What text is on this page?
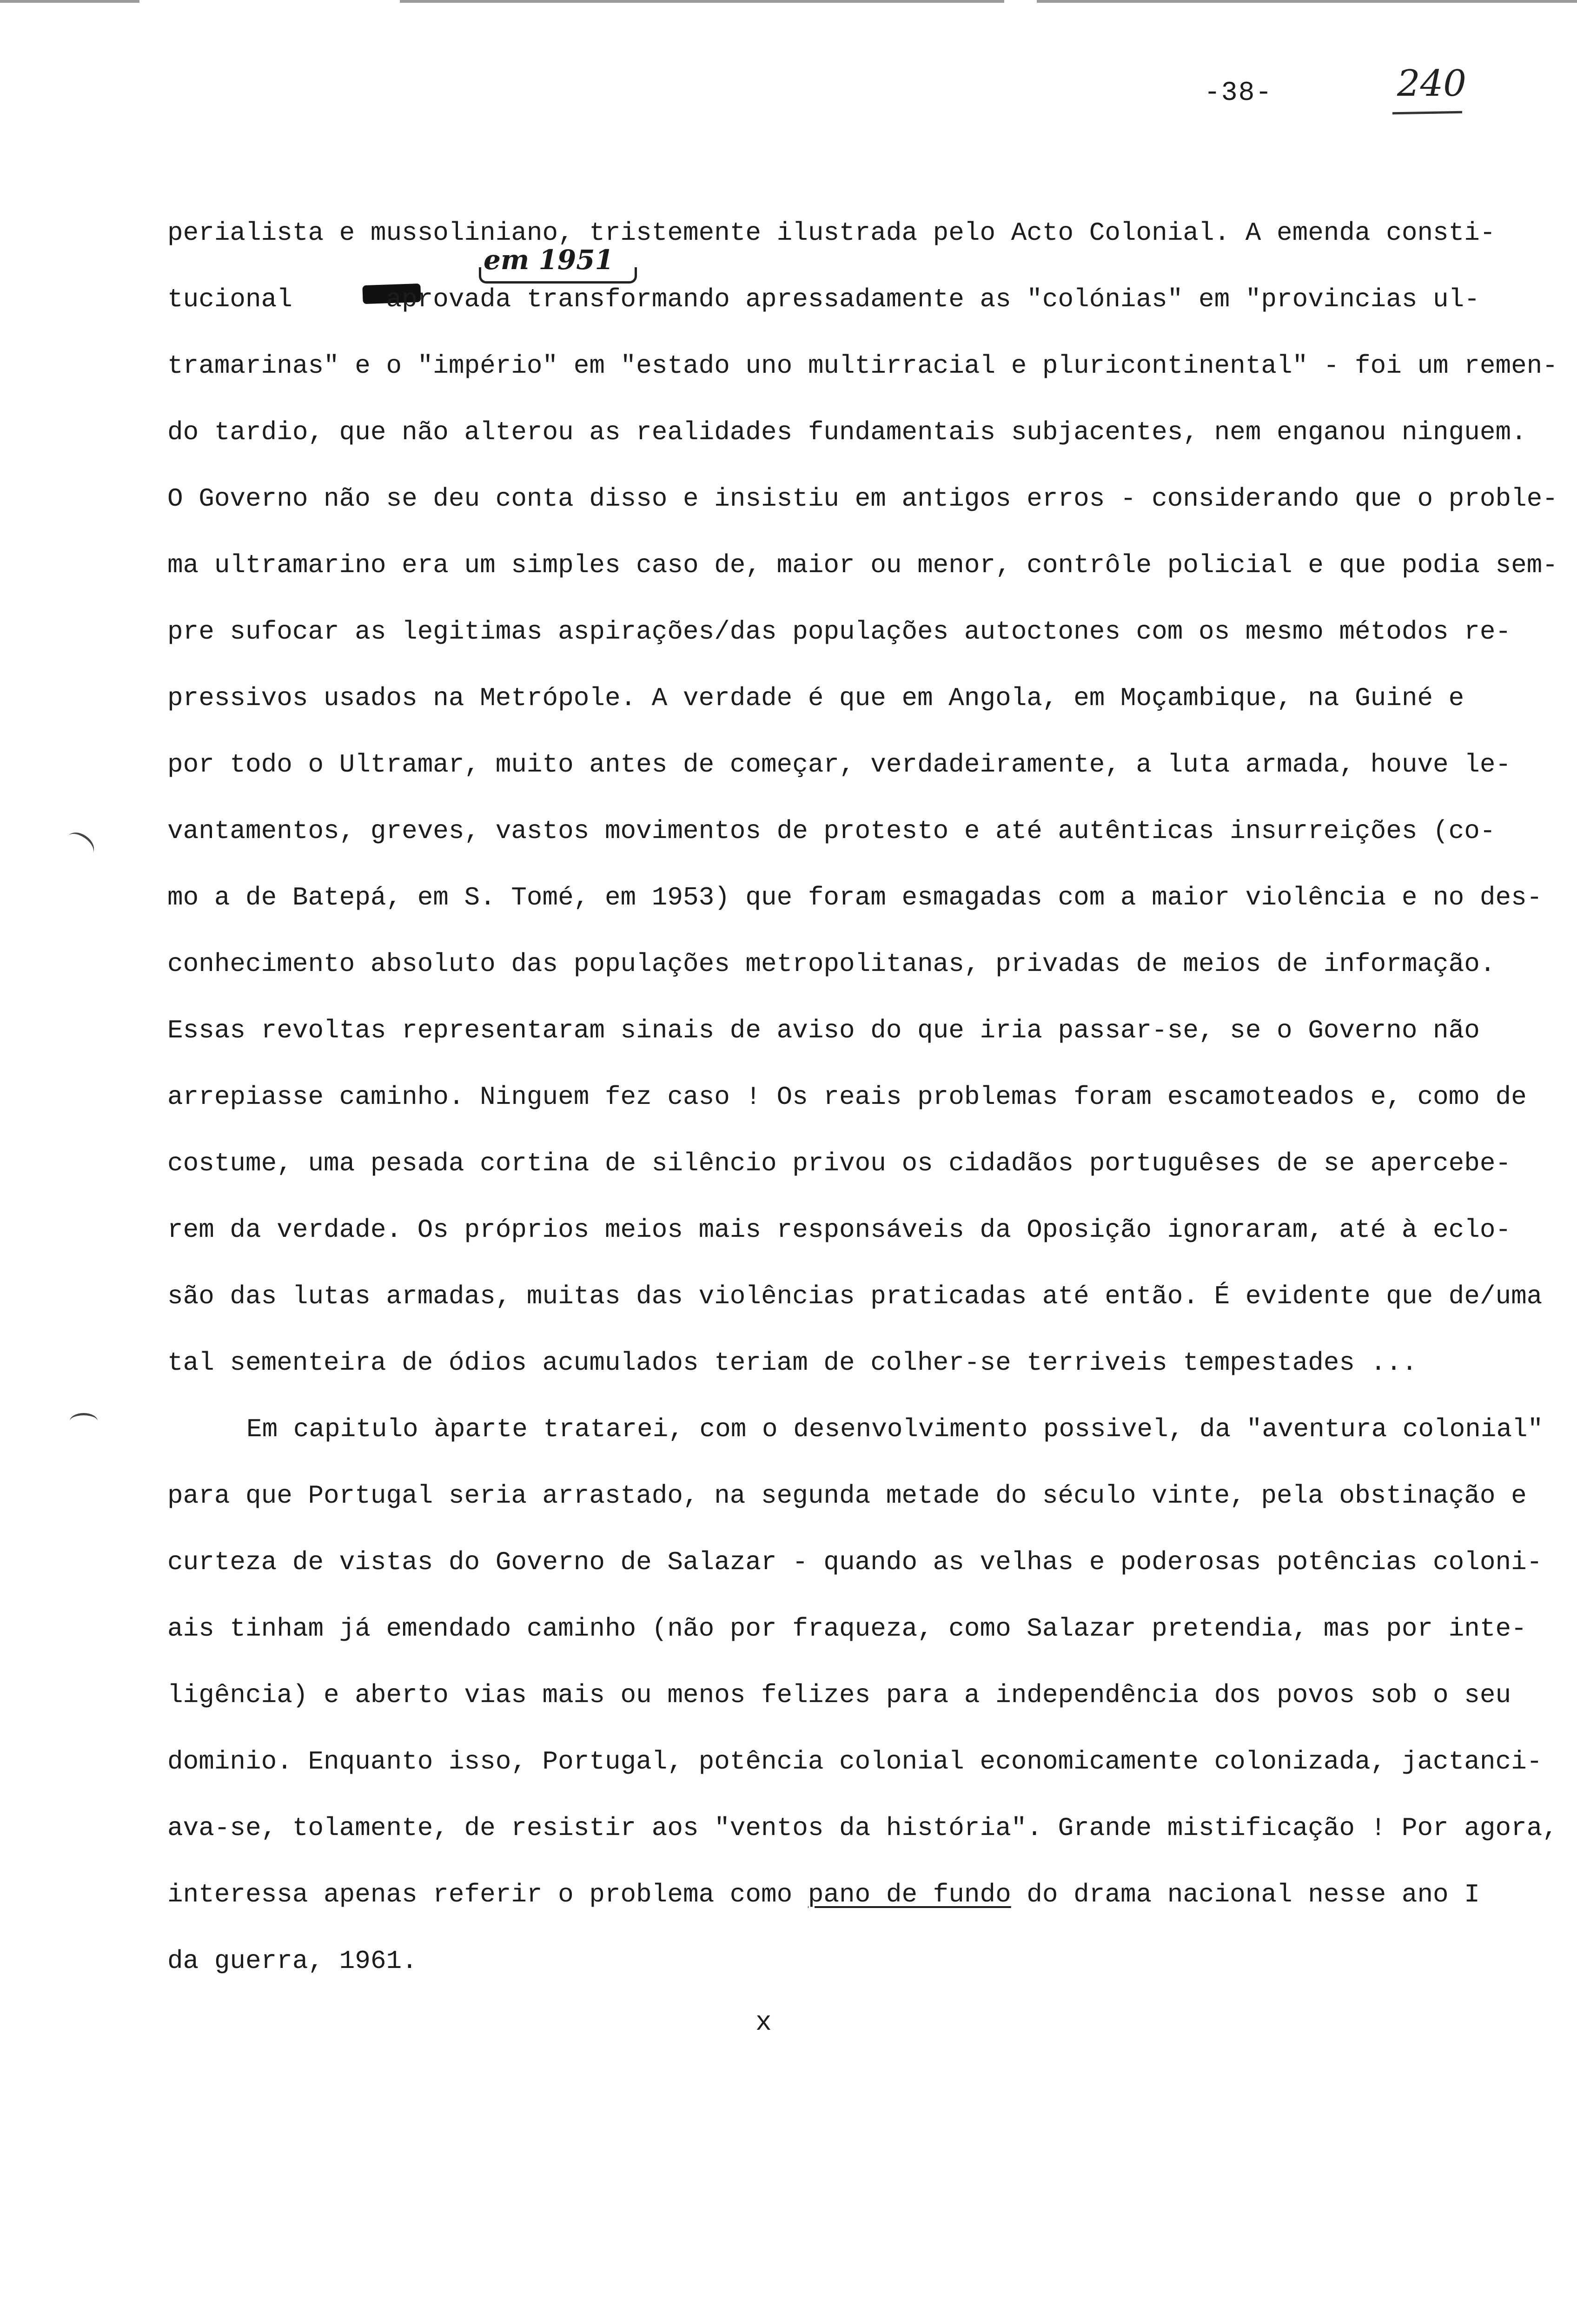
-38-	240
em 1951
perialista e mussoliniano, tristemente ilustrada pelo Acto Colonial. A emenda consti-
tucional      aprovada transformando apressadamente as "colónias" em "provincias ul-
tramarinas" e o "império" em "estado uno multirracial e pluricontinental" - foi um remen-
do tardio, que não alterou as realidades fundamentais subjacentes, nem enganou ninguem.
O Governo não se deu conta disso e insistiu em antigos erros - considerando que o proble-
ma ultramarino era um simples caso de, maior ou menor, contrôle policial e que podia sem-
pre sufocar as legitimas aspirações/das populações autoctones com os mesmo métodos re-
pressivos usados na Metrópole. A verdade é que em Angola, em Moçambique, na Guiné e
por todo o Ultramar, muito antes de começar, verdadeiramente, a luta armada, houve le-
vantamentos, greves, vastos movimentos de protesto e até autênticas insurreições (co-
mo a de Batepá, em S. Tomé, em 1953) que foram esmagadas com a maior violência e no des-
conhecimento absoluto das populações metropolitanas, privadas de meios de informação.
Essas revoltas representaram sinais de aviso do que iria passar-se, se o Governo não
arrepiasse caminho. Ninguem fez caso ! Os reais problemas foram escamoteados e, como de
costume, uma pesada cortina de silêncio privou os cidadãos portuguêses de se apercebe-
rem da verdade. Os próprios meios mais responsáveis da Oposição ignoraram, até à eclo-
são das lutas armadas, muitas das violências praticadas até então. É evidente que de/uma
tal sementeira de ódios acumulados teriam de colher-se terriveis tempestades ...
Em capitulo àparte tratarei, com o desenvolvimento possivel, da "aventura colonial"
para que Portugal seria arrastado, na segunda metade do século vinte, pela obstinação e
curteza de vistas do Governo de Salazar - quando as velhas e poderosas potências coloni-
ais tinham já emendado caminho (não por fraqueza, como Salazar pretendia, mas por inte-
ligência) e aberto vias mais ou menos felizes para a independência dos povos sob o seu
dominio. Enquanto isso, Portugal, potência colonial economicamente colonizada, jactanci-
ava-se, tolamente, de resistir aos "ventos da história". Grande mistificação ! Por agora,
interessa apenas referir o problema como pano de fundo do drama nacional nesse ano I
da guerra, 1961.
x
